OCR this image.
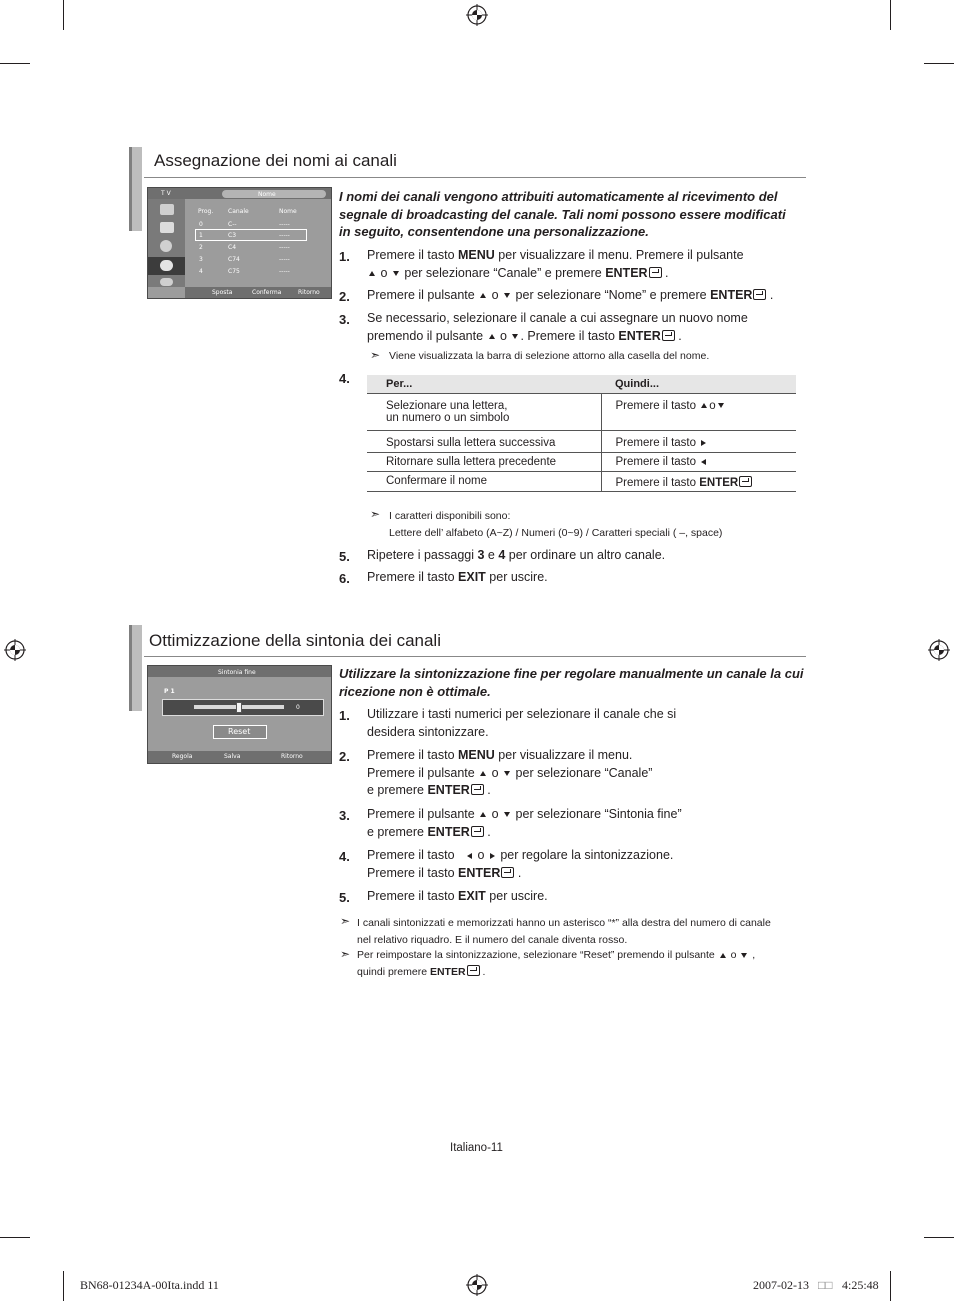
Assegnazione dei nomi ai canali
T V	Nome
Prog. Canale	Nome
0	C--	-----
1	C3	-----
2	C4	-----
3	C74	-----
4	C75	-----
Sposta	Conferma	Ritorno
I nomi dei canali vengono attribuiti automaticamente al ricevimento del segnale di broadcasting del canale. Tali nomi possono essere modificati in seguito, consentendone una personalizzazione.
1. Premere il tasto MENU per visualizzare il menu. Premere il pulsante
o  per selezionare “Canale” e premere ENTER .
2. Premere il pulsante  o  per selezionare “Nome” e premere ENTER .
3. Se necessario, selezionare il canale a cui assegnare un nuovo nome
premendo il pulsante  o . Premere il tasto ENTER .
➣ Viene visualizzata la barra di selezione attorno alla casella del nome.
4.	Per...	Quindi...
Selezionare una lettera,
un numero o un simbolo	Premere il tasto o
Spostarsi sulla lettera successiva	Premere il tasto
Ritornare sulla lettera precedente	Premere il tasto
Confermare il nome	Premere il tasto ENTER
➣ I caratteri disponibili sono:
Lettere dell’ alfabeto (A~Z) / Numeri (0~9) / Caratteri speciali ( –, space)
5. Ripetere i passaggi 3 e 4 per ordinare un altro canale.
6. Premere il tasto EXIT per uscire.
Ottimizzazione della sintonia dei canali
Sintonia fine
P 1
0
Reset
Regola	Salva	Ritorno
Utilizzare la sintonizzazione fine per regolare manualmente un canale la cui ricezione non è ottimale.
1. Utilizzare i tasti numerici per selezionare il canale che si
desidera sintonizzare.
2. Premere il tasto MENU per visualizzare il menu.
Premere il pulsante  o  per selezionare “Canale”
e premere ENTER .
3. Premere il pulsante  o  per selezionare “Sintonia fine”
e premere ENTER .
4. Premere il tasto    o  per regolare la sintonizzazione.
Premere il tasto ENTER .
5. Premere il tasto EXIT per uscire.
➣ I canali sintonizzati e memorizzati hanno un asterisco “*” alla destra del numero di canale
nel relativo riquadro. E il numero del canale diventa rosso.
➣ Per reimpostare la sintonizzazione, selezionare “Reset” premendo il pulsante  o  ,
quindi premere ENTER .
Italiano-11
BN68-01234A-00Ita.indd 11	2007-02-13 □□ 4:25:48
